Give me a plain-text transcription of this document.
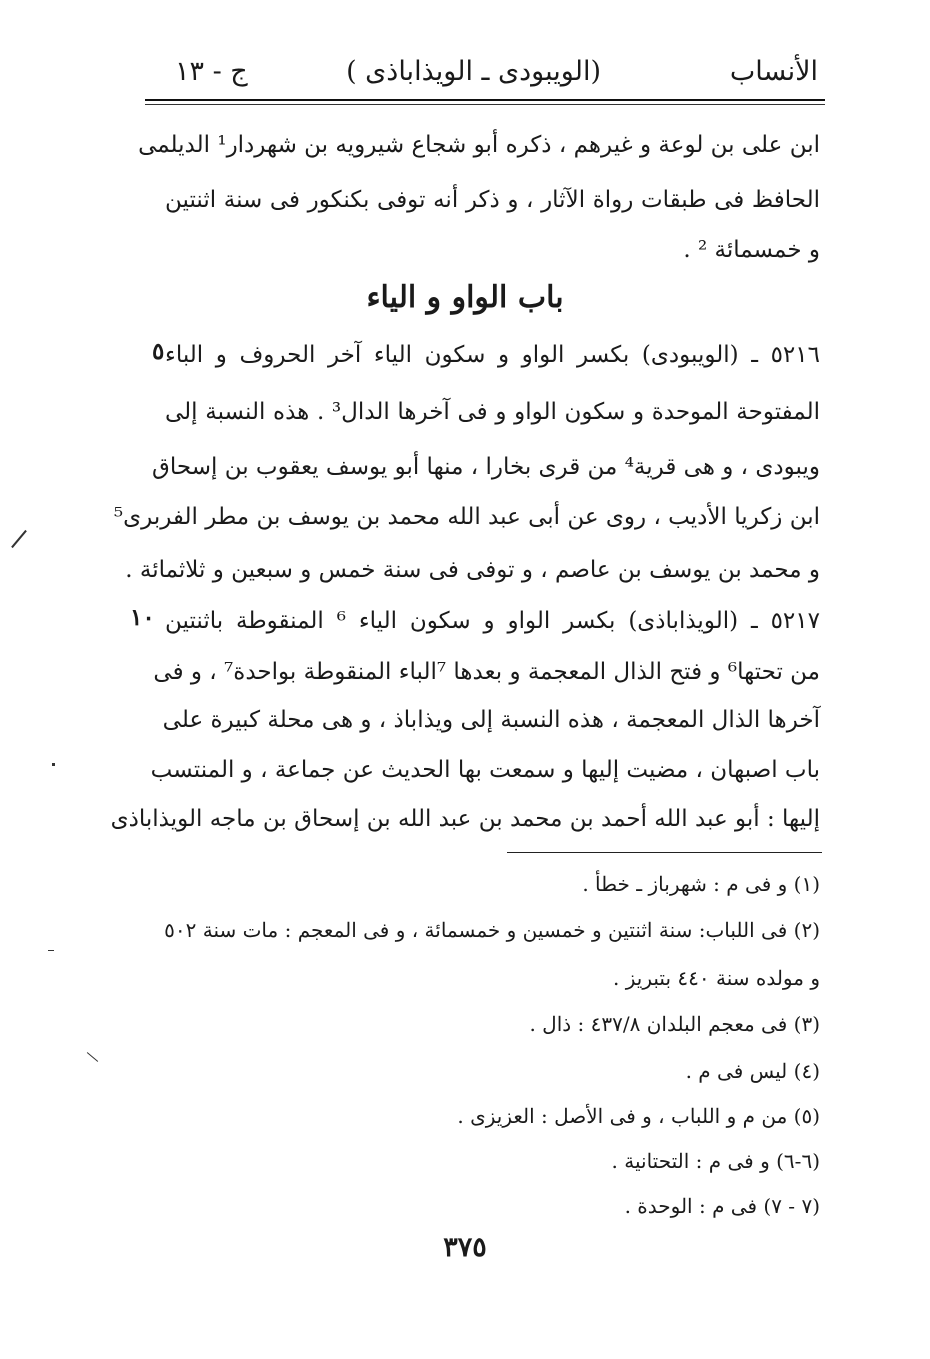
الأنساب
(الويبودى ـ الويذاباذى )
ج - ١٣
ابن على بن لوعة و غيرهم ، ذكره أبو شجاع شيرويه بن شهردار¹ الديلمى
الحافظ فى طبقات رواة الآثار ، و ذكر أنه توفى بكنكور فى سنة اثنتين
و خمسمائة ² .
باب الواو و الياء
٥٢١٦ ـ (الويبودى) بكسر الواو و سكون الياء آخر الحروف و الباء
٥
المفتوحة الموحدة و سكون الواو و فى آخرها الدال³ . هذه النسبة إلى
ويبودى ، و هى قرية⁴ من قرى بخارا ، منها أبو يوسف يعقوب بن إسحاق
ابن زكريا الأديب ، روى عن أبى عبد الله محمد بن يوسف بن مطر الفربرى⁵
و محمد بن يوسف بن عاصم ، و توفى فى سنة خمس و سبعين و ثلاثمائة .
٥٢١٧ ـ (الويذاباذى) بكسر الواو و سكون الياء ⁶ المنقوطة باثنتين
١٠
من تحتها⁶ و فتح الذال المعجمة و بعدها ⁷الباء المنقوطة بواحدة⁷ ، و فى
آخرها الذال المعجمة ، هذه النسبة إلى ويذاباذ ، و هى محلة كبيرة على
باب اصبهان ، مضيت إليها و سمعت بها الحديث عن جماعة ، و المنتسب
إليها : أبو عبد الله أحمد بن محمد بن عبد الله بن إسحاق بن ماجه الويذاباذى
(١) و فى م : شهرباز ـ خطأ .
(٢) فى اللباب: سنة اثنتين و خمسين و خمسمائة ، و فى المعجم : مات سنة ٥٠٢
و مولده سنة ٤٤٠ بتبريز .
(٣) فى معجم البلدان ٤٣٧/٨ : ذال .
(٤) ليس فى م .
(٥) من م و اللباب ، و فى الأصل : العزيزى .
(٦-٦) و فى م : التحتانية .
(٧ - ٧) فى م : الوحدة .
٣٧٥
